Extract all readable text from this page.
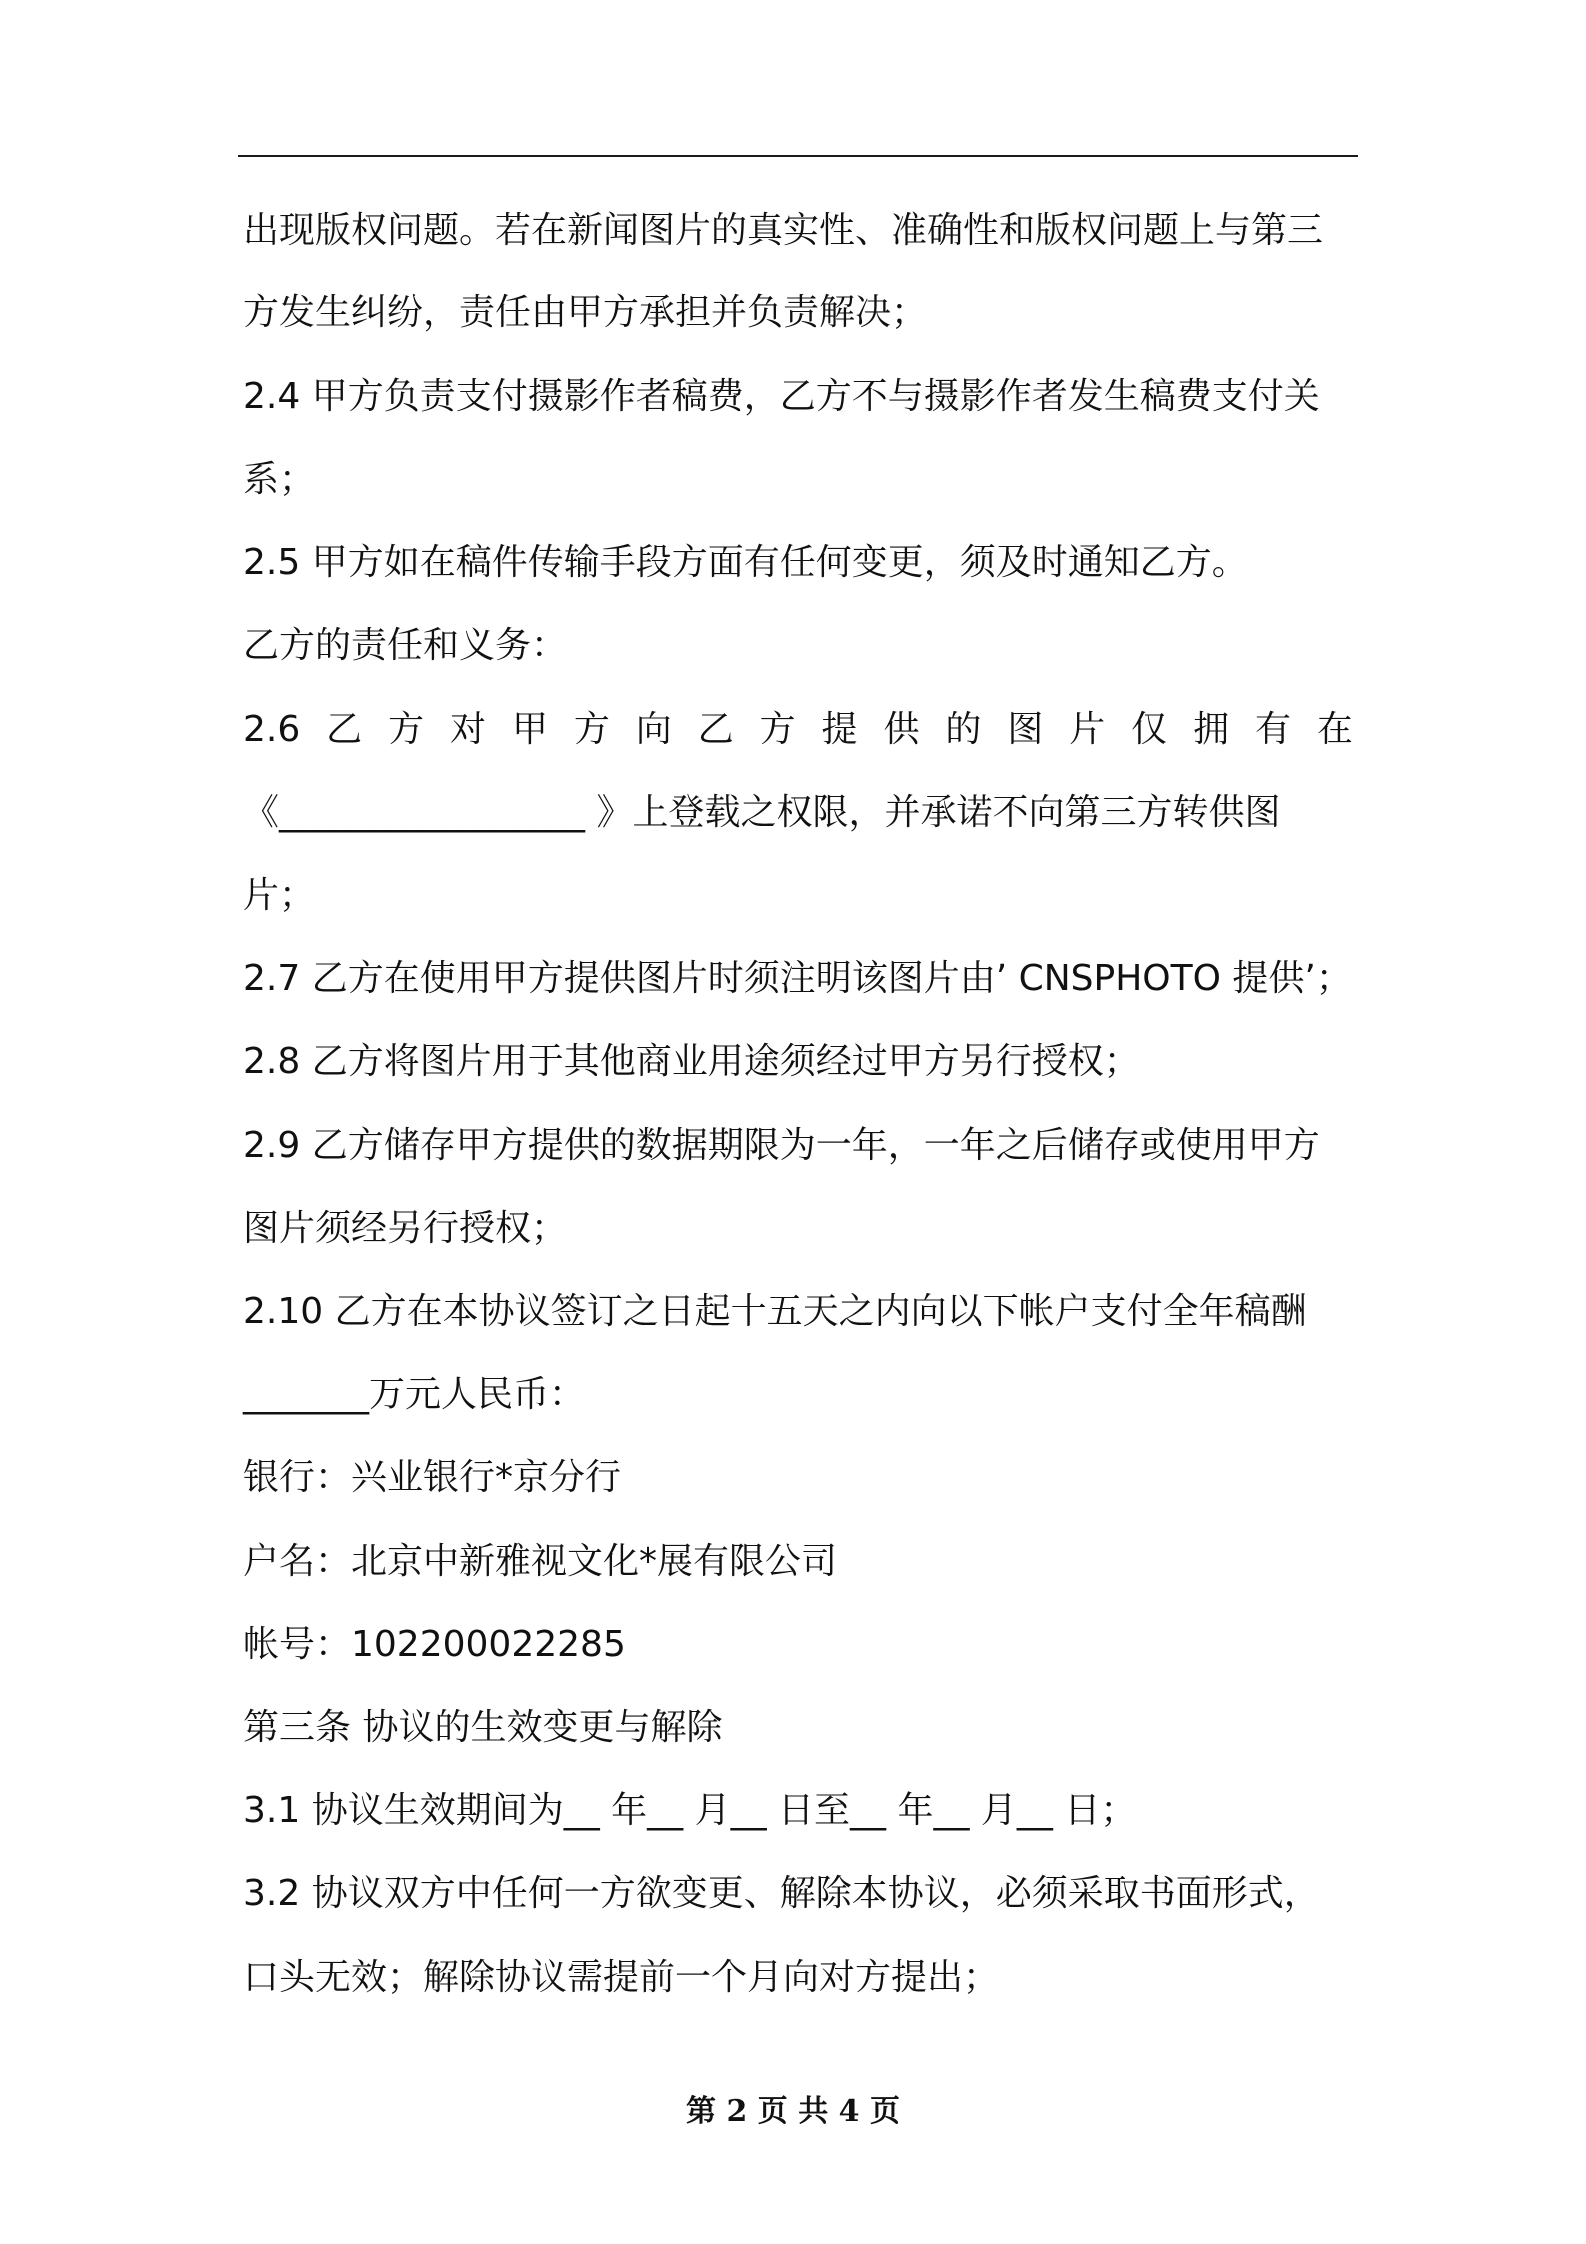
出现版权问题。若在新闻图片的真实性、准确性和版权问题上与第三
方发生纠纷，责任由甲方承担并负责解决；
2.4 甲方负责支付摄影作者稿费，乙方不与摄影作者发生稿费支付关
系；
2.5 甲方如在稿件传输手段方面有任何变更，须及时通知乙方。
乙方的责任和义务：
2.6 乙 方 对 甲 方 向 乙 方 提 供 的 图 片 仅 拥 有 在
《_________________ 》上登载之权限，并承诺不向第三方转供图
片；
2.7 乙方在使用甲方提供图片时须注明该图片由’ CNSPHOTO 提供’；
2.8 乙方将图片用于其他商业用途须经过甲方另行授权；
2.9 乙方储存甲方提供的数据期限为一年，一年之后储存或使用甲方
图片须经另行授权；
2.10 乙方在本协议签订之日起十五天之内向以下帐户支付全年稿酬
_______万元人民币：
银行：兴业银行*京分行
户名：北京中新雅视文化*展有限公司
帐号：102200022285
第三条 协议的生效变更与解除
3.1 协议生效期间为__ 年__ 月__ 日至__ 年__ 月__ 日；
3.2 协议双方中任何一方欲变更、解除本协议，必须采取书面形式，
口头无效；解除协议需提前一个月向对方提出；
第 2 页 共 4 页
